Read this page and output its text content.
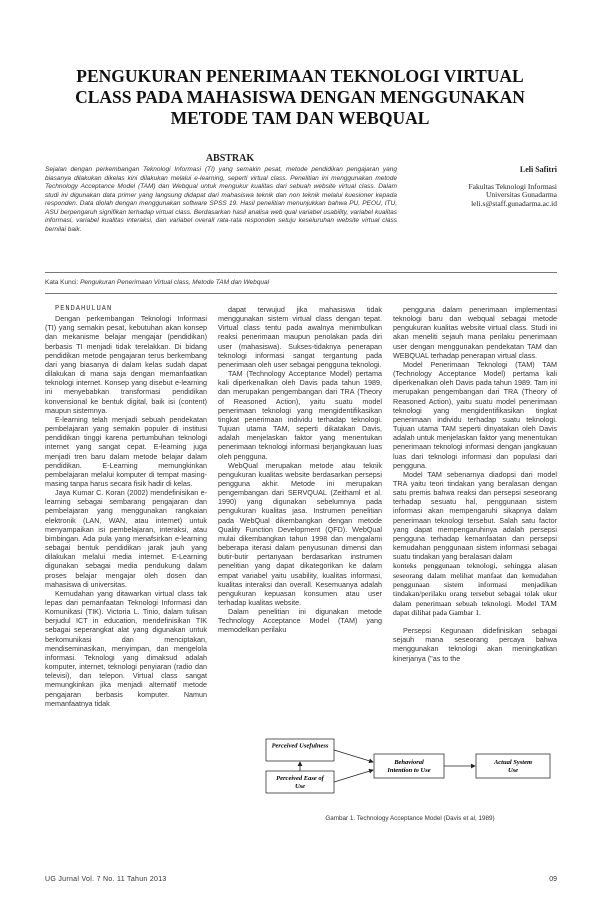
PENGUKURAN PENERIMAAN TEKNOLOGI VIRTUAL CLASS PADA MAHASISWA DENGAN MENGGUNAKAN METODE TAM DAN WEBQUAL
ABSTRAK
Sejalan dengan perkembangan Teknologi Informasi (TI) yang semakin pesat, metode pendidikan pengajaran yang biasanya dilakukan dikelas kini dilakukan melalui e-learning, seperti virtual class. Penelitian ini menggunakan metode Technology Acceptance Model (TAM) dan Webqual untuk mengukur kualitas dari sebuah website virtual class. Dalam studi ini digunakan data primer yang langsung didapat dari mahasiswa teknik dan non teknik melalui kuesioner kepada responden. Data diolah dengan menggunakan software SPSS 19. Hasil penelitian menunjukkan bahwa PU, PEOU, ITU, ASU berpengaruh signifikan terhadap virtual class. Berdasarkan hasil analisa web qual variabel usability, variabel kualitas informasi, variabel kualitas interaksi, dan variabel overall rata-rata responden setuju keseluruhan website virtual class bernilai baik.
Leli Safitri
Fakultas Teknologi Informasi
Universitas Gunadarma
leli.s@staff.gunadarma.ac.id
Kata Kunci: Pengukuran Penerimaan Virtual class, Metode TAM dan Webqual

PENDAHULUAN

Dengan perkembangan Teknologi Informasi (TI) yang semakin pesat, kebutuhan akan konsep dan mekanisme belajar mengajar (pendidikan) berbasis TI menjadi tidak terelakkan. Di bidang pendidikan metode pengajaran terus berkembang dari yang biasanya di dalam kelas sudah dapat dilakukan di mana saja dengan memanfaatkan teknologi internet. Konsep yang disebut e-learning ini menyebabkan transformasi pendidikan konvensional ke bentuk digital, baik isi (content) maupun sistemnya.

E-learning telah menjadi sebuah pendekatan pembelajaran yang semakin populer di institusi pendidikan tinggi karena pertumbuhan teknologi internet yang sangat cepat. E-learning juga menjadi tren baru dalam metode belajar dalam pendidikan. E-Learning memungkinkan pembelajaran melalui komputer di tempat masing-masing tanpa harus secara fisik hadir di kelas.

Jaya Kumar C. Koran (2002) mendefinisikan e-learning sebagai sembarang pengajaran dan pembelajaran yang menggunakan rangkaian elektronik (LAN, WAN, atau internet) untuk menyampaikan isi pembelajaran, interaksi, atau bimbingan. Ada pula yang menafsirkan e-learning sebagai bentuk pendidikan jarak jauh yang dilakukan melalui media internet. E-Learning digunakan sebagai media pendukung dalam proses belajar mengajar oleh dosen dan mahasiswa di universitas.

Kemudahan yang ditawarkan virtual class tak lepas dari pemanfaatan Teknologi Informasi dan Komunikasi (TIK). Victoria L. Tinio, dalam tulisan berjudul ICT in education, mendefinisikan TIK sebagai seperangkat alat yang digunakan untuk berkomunikasi dan menciptakan, mendiseminasikan, menyimpan, dan mengelola informasi. Teknologi yang dimaksud adalah komputer, internet, teknologi penyiaran (radio dan televisi), dan telepon. Virtual class sangat memungkinkan jika menjadi alternatif metode pengajaran berbasis komputer. Namun memanfaatnya tidak

dapat terwujud jika mahasiswa tidak menggunakan sistem virtual class dengan tepat. Virtual class tentu pada awalnya menimbulkan reaksi penerimaan maupun penolakan pada diri user (mahasiswa). Sukses-tidaknya penerapan teknologi informasi sangat tergantung pada penerimaan oleh user sebagai pengguna teknologi.

TAM (Technology Acceptance Model) pertama kali diperkenalkan oleh Davis pada tahun 1989, dan merupakan pengembangan dari TRA (Theory of Reasoned Action), yaitu suatu model penerimaan teknologi yang mengidentifikasikan tingkat penerimaan individu terhadap teknologi. Tujuan utama TAM, seperti dikatakan Davis, adalah menjelaskan faktor yang menentukan penerimaan teknologi informasi berjangkauan luas oleh pengguna.

WebQual merupakan metode atau teknik pengukuran kualitas website berdasarkan persepsi pengguna akhir. Metode ini merupakan pengembangan dari SERVQUAL (Zeithaml et al. 1990) yang digunakan sebelumnya pada pengukuran kualitas jasa. Instrumen penelitian pada WebQual dikembangkan dengan metode Quality Function Development (QFD). WebQual mulai dikembangkan tahun 1998 dan mengalami beberapa iterasi dalam penyusunan dimensi dan butir-butir pertanyaan berdasarkan instrumen penelitian yang dapat dikategorikan ke dalam empat variabel yaitu usability, kualitas informasi, kualitas interaksi dan overall. Kesemuanya adalah pengukuran kepuasan konsumen atau user terhadap kualitas website.

Dalam penelitian ini digunakan metode Technology Acceptance Model (TAM) yang memodelkan perilaku

pengguna dalam penerimaan implementasi teknologi baru dan webqual sebagai metode pengukuran kualitas website virtual class. Studi ini akan meneliti sejauh mana perilaku penerimaan user dengan menggunakan pendekatan TAM dan WEBQUAL terhadap penerapan virtual class.

Model Penerimaan Teknologi (TAM) TAM (Technology Acceptance Model) pertama kali diperkenalkan oleh Davis pada tahun 1989. Tam ini merupakan pengembangan dari TRA (Theory of Reasoned Action), yaitu suatu model penerimaan teknologi yang mengidentifikasikan tingkat penerimaan individu terhadap suatu teknologi. Tujuan utama TAM seperti dinyatakan oleh Davis adalah untuk menjelaskan faktor yang menentukan penerimaan teknologi informasi dengan jangkauan luas dari teknologi informasi dan populasi dari pengguna.

Model TAM sebenarnya diadopsi dari model TRA yaitu teori tindakan yang beralasan dengan satu premis bahwa reaksi dan persepsi seseorang terhadap sesuatu hal, penggunaan sistem informasi akan mempengaruhi sikapnya dalam penerimaan teknologi tersebut. Salah satu factor yang dapat mempengaruhinya adalah persepsi pengguna terhadap kemanfaatan dan persepsi kemudahan penggunaan sistem informasi sebagai suatu tindakan yang beralasan dalam

konteks penggunaan teknologi, sehingga alasan seseorang dalam melihat manfaat dan kemudahan penggunaan sistem informasi menjadikan tindakan/perilaku orang tersebut sebagai tolak ukur dalam penerimaan sebuah teknologi. Model TAM dapat dilihat pada Gambar 1.

Persepsi Kegunaan didefinisikan sebagai sejauh mana seseorang percaya bahwa menggunakan teknologi akan meningkatkan kinerjanya ("as to the

Perceived Usefulness
Perceived Ease of
Use
Behavioral
Intention to Use
Actual System
Use
Gambar 1. Technology Acceptance Model (Davis et al, 1989)
UG Jurnal Vol. 7 No. 11 Tahun 2013	09
